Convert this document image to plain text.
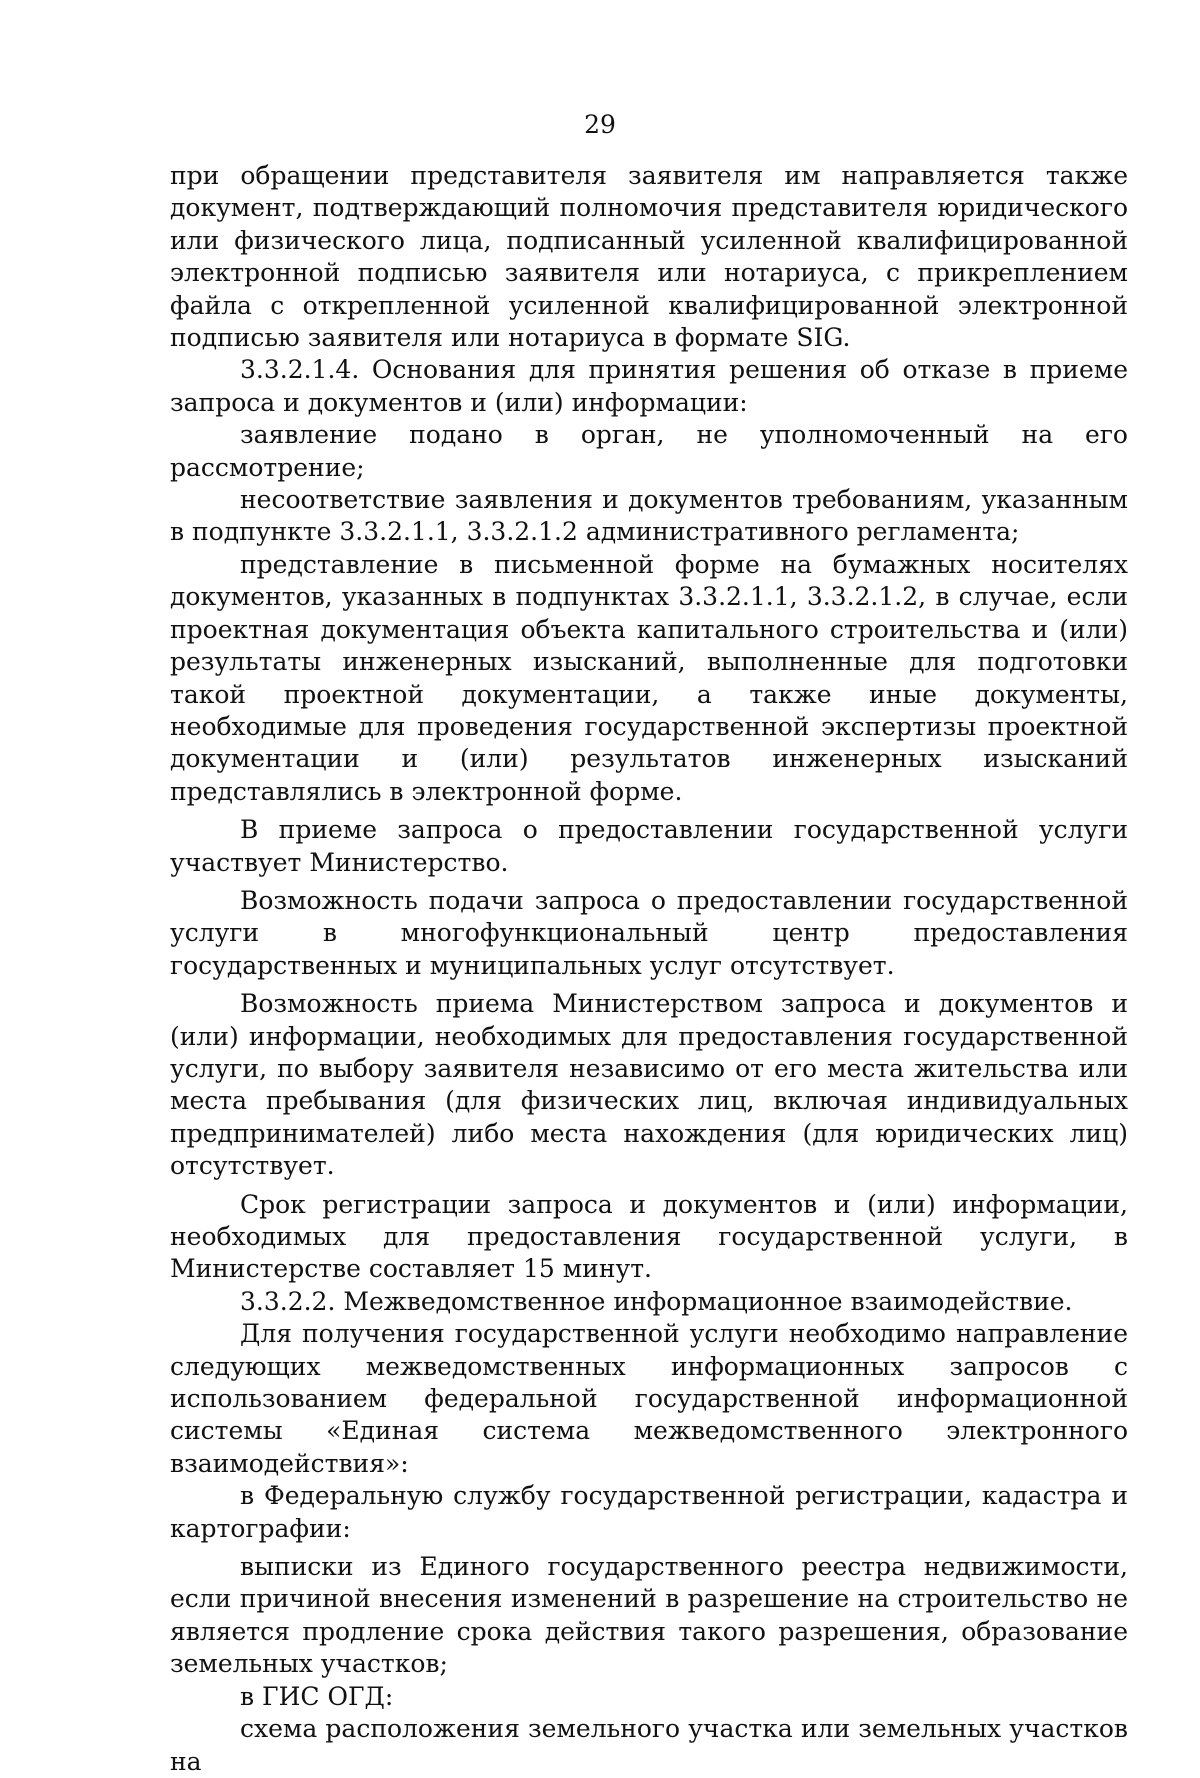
29

при обращении представителя заявителя им направляется также документ, подтверждающий полномочия представителя юридического или физического лица, подписанный усиленной квалифицированной электронной подписью заявителя или нотариуса, с прикреплением файла с открепленной усиленной квалифицированной электронной подписью заявителя или нотариуса в формате SIG.

3.3.2.1.4. Основания для принятия решения об отказе в приеме запроса и документов и (или) информации:

заявление подано в орган, не уполномоченный на его рассмотрение;

несоответствие заявления и документов требованиям, указанным в подпункте 3.3.2.1.1, 3.3.2.1.2 административного регламента;

представление в письменной форме на бумажных носителях документов, указанных в подпунктах 3.3.2.1.1, 3.3.2.1.2, в случае, если проектная документация объекта капитального строительства и (или) результаты инженерных изысканий, выполненные для подготовки такой проектной документации, а также иные документы, необходимые для проведения государственной экспертизы проектной документации и (или) результатов инженерных изысканий представлялись в электронной форме.

В приеме запроса о предоставлении государственной услуги участвует Министерство.

Возможность подачи запроса о предоставлении государственной услуги в многофункциональный центр предоставления государственных и муниципальных услуг отсутствует.

Возможность приема Министерством запроса и документов и (или) информации, необходимых для предоставления государственной услуги, по выбору заявителя независимо от его места жительства или места пребывания (для физических лиц, включая индивидуальных предпринимателей) либо места нахождения (для юридических лиц) отсутствует.

Срок регистрации запроса и документов и (или) информации, необходимых для предоставления государственной услуги, в Министерстве составляет 15 минут.

3.3.2.2. Межведомственное информационное взаимодействие.

Для получения государственной услуги необходимо направление следующих межведомственных информационных запросов с использованием федеральной государственной информационной системы «Единая система межведомственного электронного взаимодействия»:

в Федеральную службу государственной регистрации, кадастра и картографии:

выписки из Единого государственного реестра недвижимости, если причиной внесения изменений в разрешение на строительство не является продление срока действия такого разрешения, образование земельных участков;

в ГИС ОГД:

схема расположения земельного участка или земельных участков на
